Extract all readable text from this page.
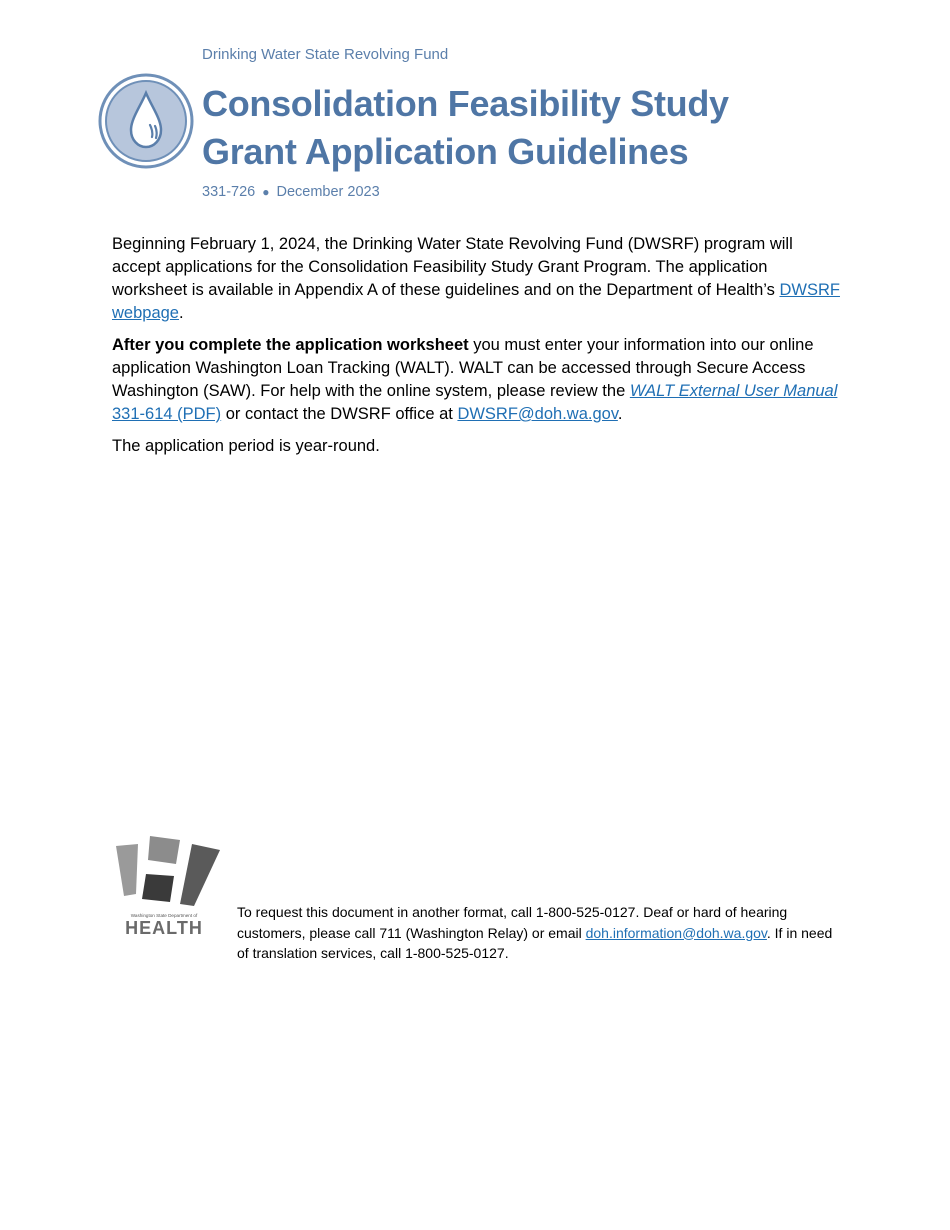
Drinking Water State Revolving Fund
Consolidation Feasibility Study
Grant Application Guidelines
331-726 ● December 2023

Beginning February 1, 2024, the Drinking Water State Revolving Fund (DWSRF) program will accept applications for the Consolidation Feasibility Study Grant Program. The application worksheet is available in Appendix A of these guidelines and on the Department of Health’s DWSRF webpage.

After you complete the application worksheet you must enter your information into our online application Washington Loan Tracking (WALT). WALT can be accessed through Secure Access Washington (SAW). For help with the online system, please review the WALT External User Manual 331-614 (PDF) or contact the DWSRF office at DWSRF@doh.wa.gov.

The application period is year-round.

Washington State Department of
HEALTH
To request this document in another format, call 1-800-525-0127. Deaf or hard of hearing customers, please call 711 (Washington Relay) or email doh.information@doh.wa.gov. If in need of translation services, call 1-800-525-0127.
